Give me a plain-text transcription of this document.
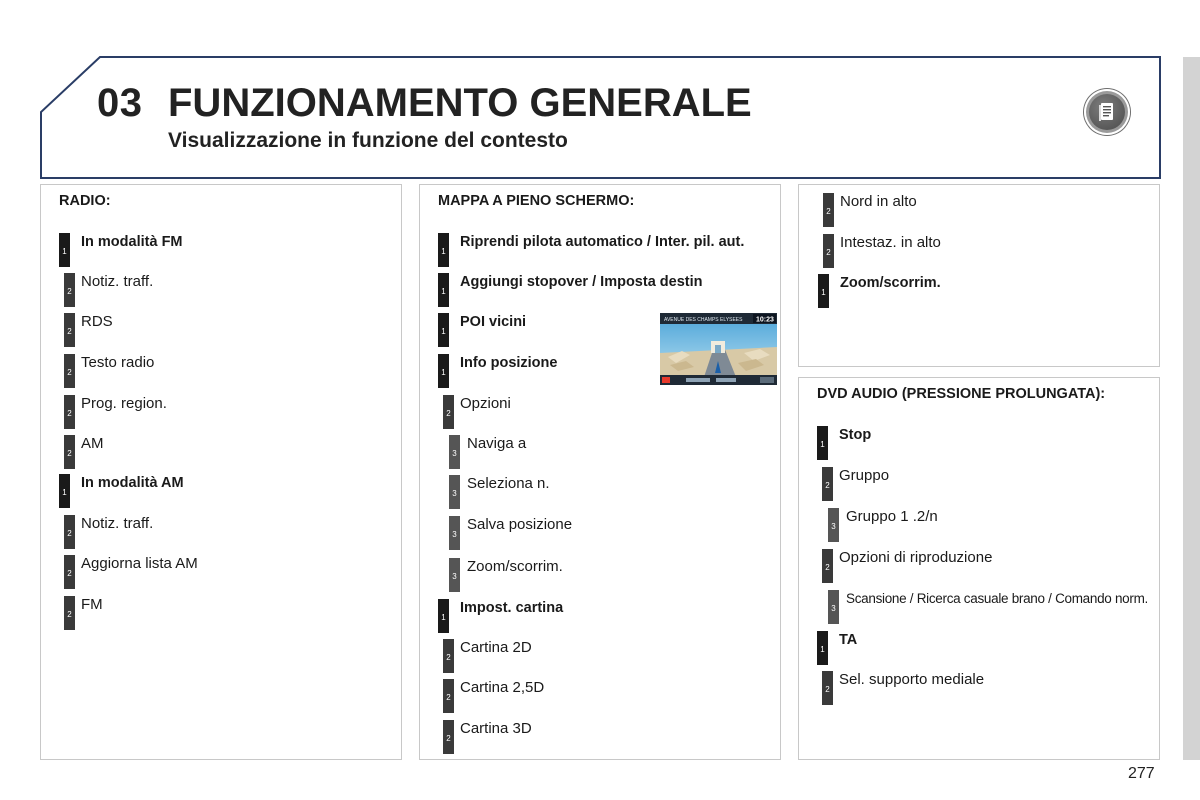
03 FUNZIONAMENTO GENERALE
Visualizzazione in funzione del contesto
RADIO:
1
In modalità FM
2
Notiz. traff.
2
RDS
2
Testo radio
2
Prog. region.
2
AM
1
In modalità AM
2
Notiz. traff.
2
Aggiorna lista AM
2
FM
MAPPA A PIENO SCHERMO:
1
Riprendi pilota automatico / Inter. pil. aut.
1
Aggiungi stopover / Imposta destin
1
POI vicini
1
Info posizione
2
Opzioni
3
Naviga a
3
Seleziona n.
3
Salva posizione
3
Zoom/scorrim.
1
Impost. cartina
2
Cartina 2D
2
Cartina 2,5D
2
Cartina 3D
AVENUE DES CHAMPS ELYSEES 10:23
2
Nord in alto
2
Intestaz. in alto
1
Zoom/scorrim.
DVD AUDIO (PRESSIONE PROLUNGATA):
1
Stop
2
Gruppo
3
Gruppo 1 .2/n
2
Opzioni di riproduzione
3
Scansione / Ricerca casuale brano / Comando norm.
1
TA
2
Sel. supporto mediale
277
